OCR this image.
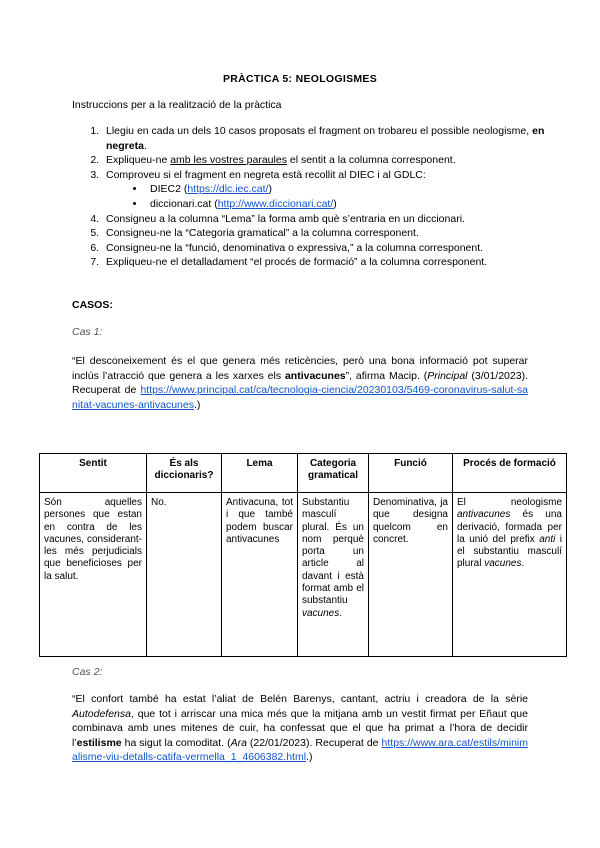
PRÀCTICA 5: NEOLOGISMES
Instruccions per a la realització de la pràctica
1. Llegiu en cada un dels 10 casos proposats el fragment on trobareu el possible neologisme, en negreta.
2. Expliqueu-ne amb les vostres paraules el sentit a la columna corresponent.
3. Comproveu si el fragment en negreta està recollit al DIEC i al GDLC:
• DIEC2 (https://dlc.iec.cat/)
• diccionari.cat (http://www.diccionari.cat/)
4. Consigneu a la columna “Lema” la forma amb què s’entraria en un diccionari.
5. Consigneu-ne la “Categoria gramatical” a la columna corresponent.
6. Consigneu-ne la “funció, denominativa o expressiva,” a la columna corresponent.
7. Expliqueu-ne el detalladament “el procés de formació” a la columna corresponent.
CASOS:
Cas 1:
“El desconeixement és el que genera més reticències, però una bona informació pot superar inclús l’atracció que genera a les xarxes els antivacunes”, afirma Macip. (Principal (3/01/2023). Recuperat de https://www.principal.cat/ca/tecnologia-ciencia/20230103/5469-coronavirus-salut-sanitat-vacunes-antivacunes.)
Sentit	És als diccionaris?	Lema	Categoria gramatical	Funció	Procés de formació
Són aquelles persones que estan en contra de les vacunes, considerant-les més perjudicials que beneficioses per la salut.	No.	Antivacuna, tot i que també podem buscar antivacunes	Substantiu masculí plural. És un nom perquè porta un article al davant i està format amb el substantiu vacunes.	Denominativa, ja que designa quelcom en concret.	El neologisme antivacunes és una derivació, formada per la unió del prefix anti i el substantiu masculí plural vacunes.
Cas 2:
“El confort també ha estat l’aliat de Belén Barenys, cantant, actriu i creadora de la sèrie Autodefensa, que tot i arriscar una mica més que la mitjana amb un vestit firmat per Eñaut que combinava amb unes mitenes de cuir, ha confessat que el que ha primat a l’hora de decidir l’estilisme ha sigut la comoditat. (Ara (22/01/2023). Recuperat de https://www.ara.cat/estils/minimalisme-viu-detalls-catifa-vermella_1_4606382.html.)
